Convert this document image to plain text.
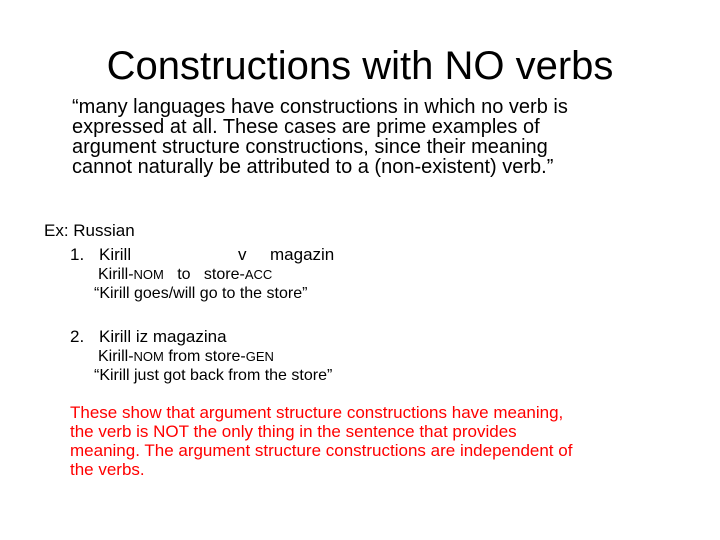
Constructions with NO verbs

“many languages have constructions in which no verb is
expressed at all. These cases are prime examples of
argument structure constructions, since their meaning
cannot naturally be attributed to a (non-existent) verb.”

Ex: Russian
1. Kirill	v magazin
Kirill-NOM to store-ACC
“Kirill goes/will go to the store”
2. Kirill iz magazina
Kirill-NOM from store-GEN
“Kirill just got back from the store”
These show that argument structure constructions have meaning,
the verb is NOT the only thing in the sentence that provides
meaning. The argument structure constructions are independent of
the verbs.
